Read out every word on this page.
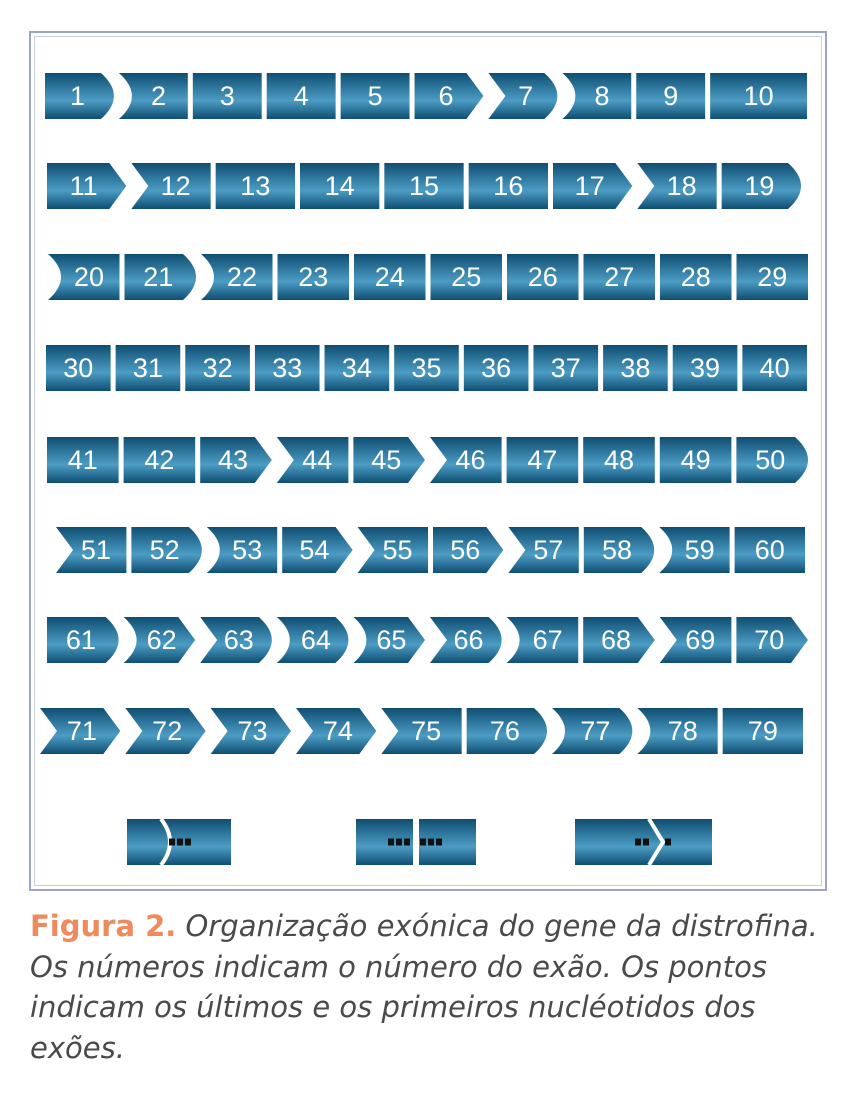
1 2 3 4 5 6 7 8 9 10
11 12 13 14 15 16 17 18 19
20 21 22 23 24 25 26 27 28 29
30 31 32 33 34 35 36 37 38 39 40
41 42 43 44 45 46 47 48 49 50
51 52 53 54 55 56 57 58 59 60
61 62 63 64 65 66 67 68 69 70
71 72 73 74 75 76 77 78 79
Figura 2. Organização exónica do gene da distrofina. Os números indicam o número do exão. Os pontos indicam os últimos e os primeiros nucléotidos dos exões.
